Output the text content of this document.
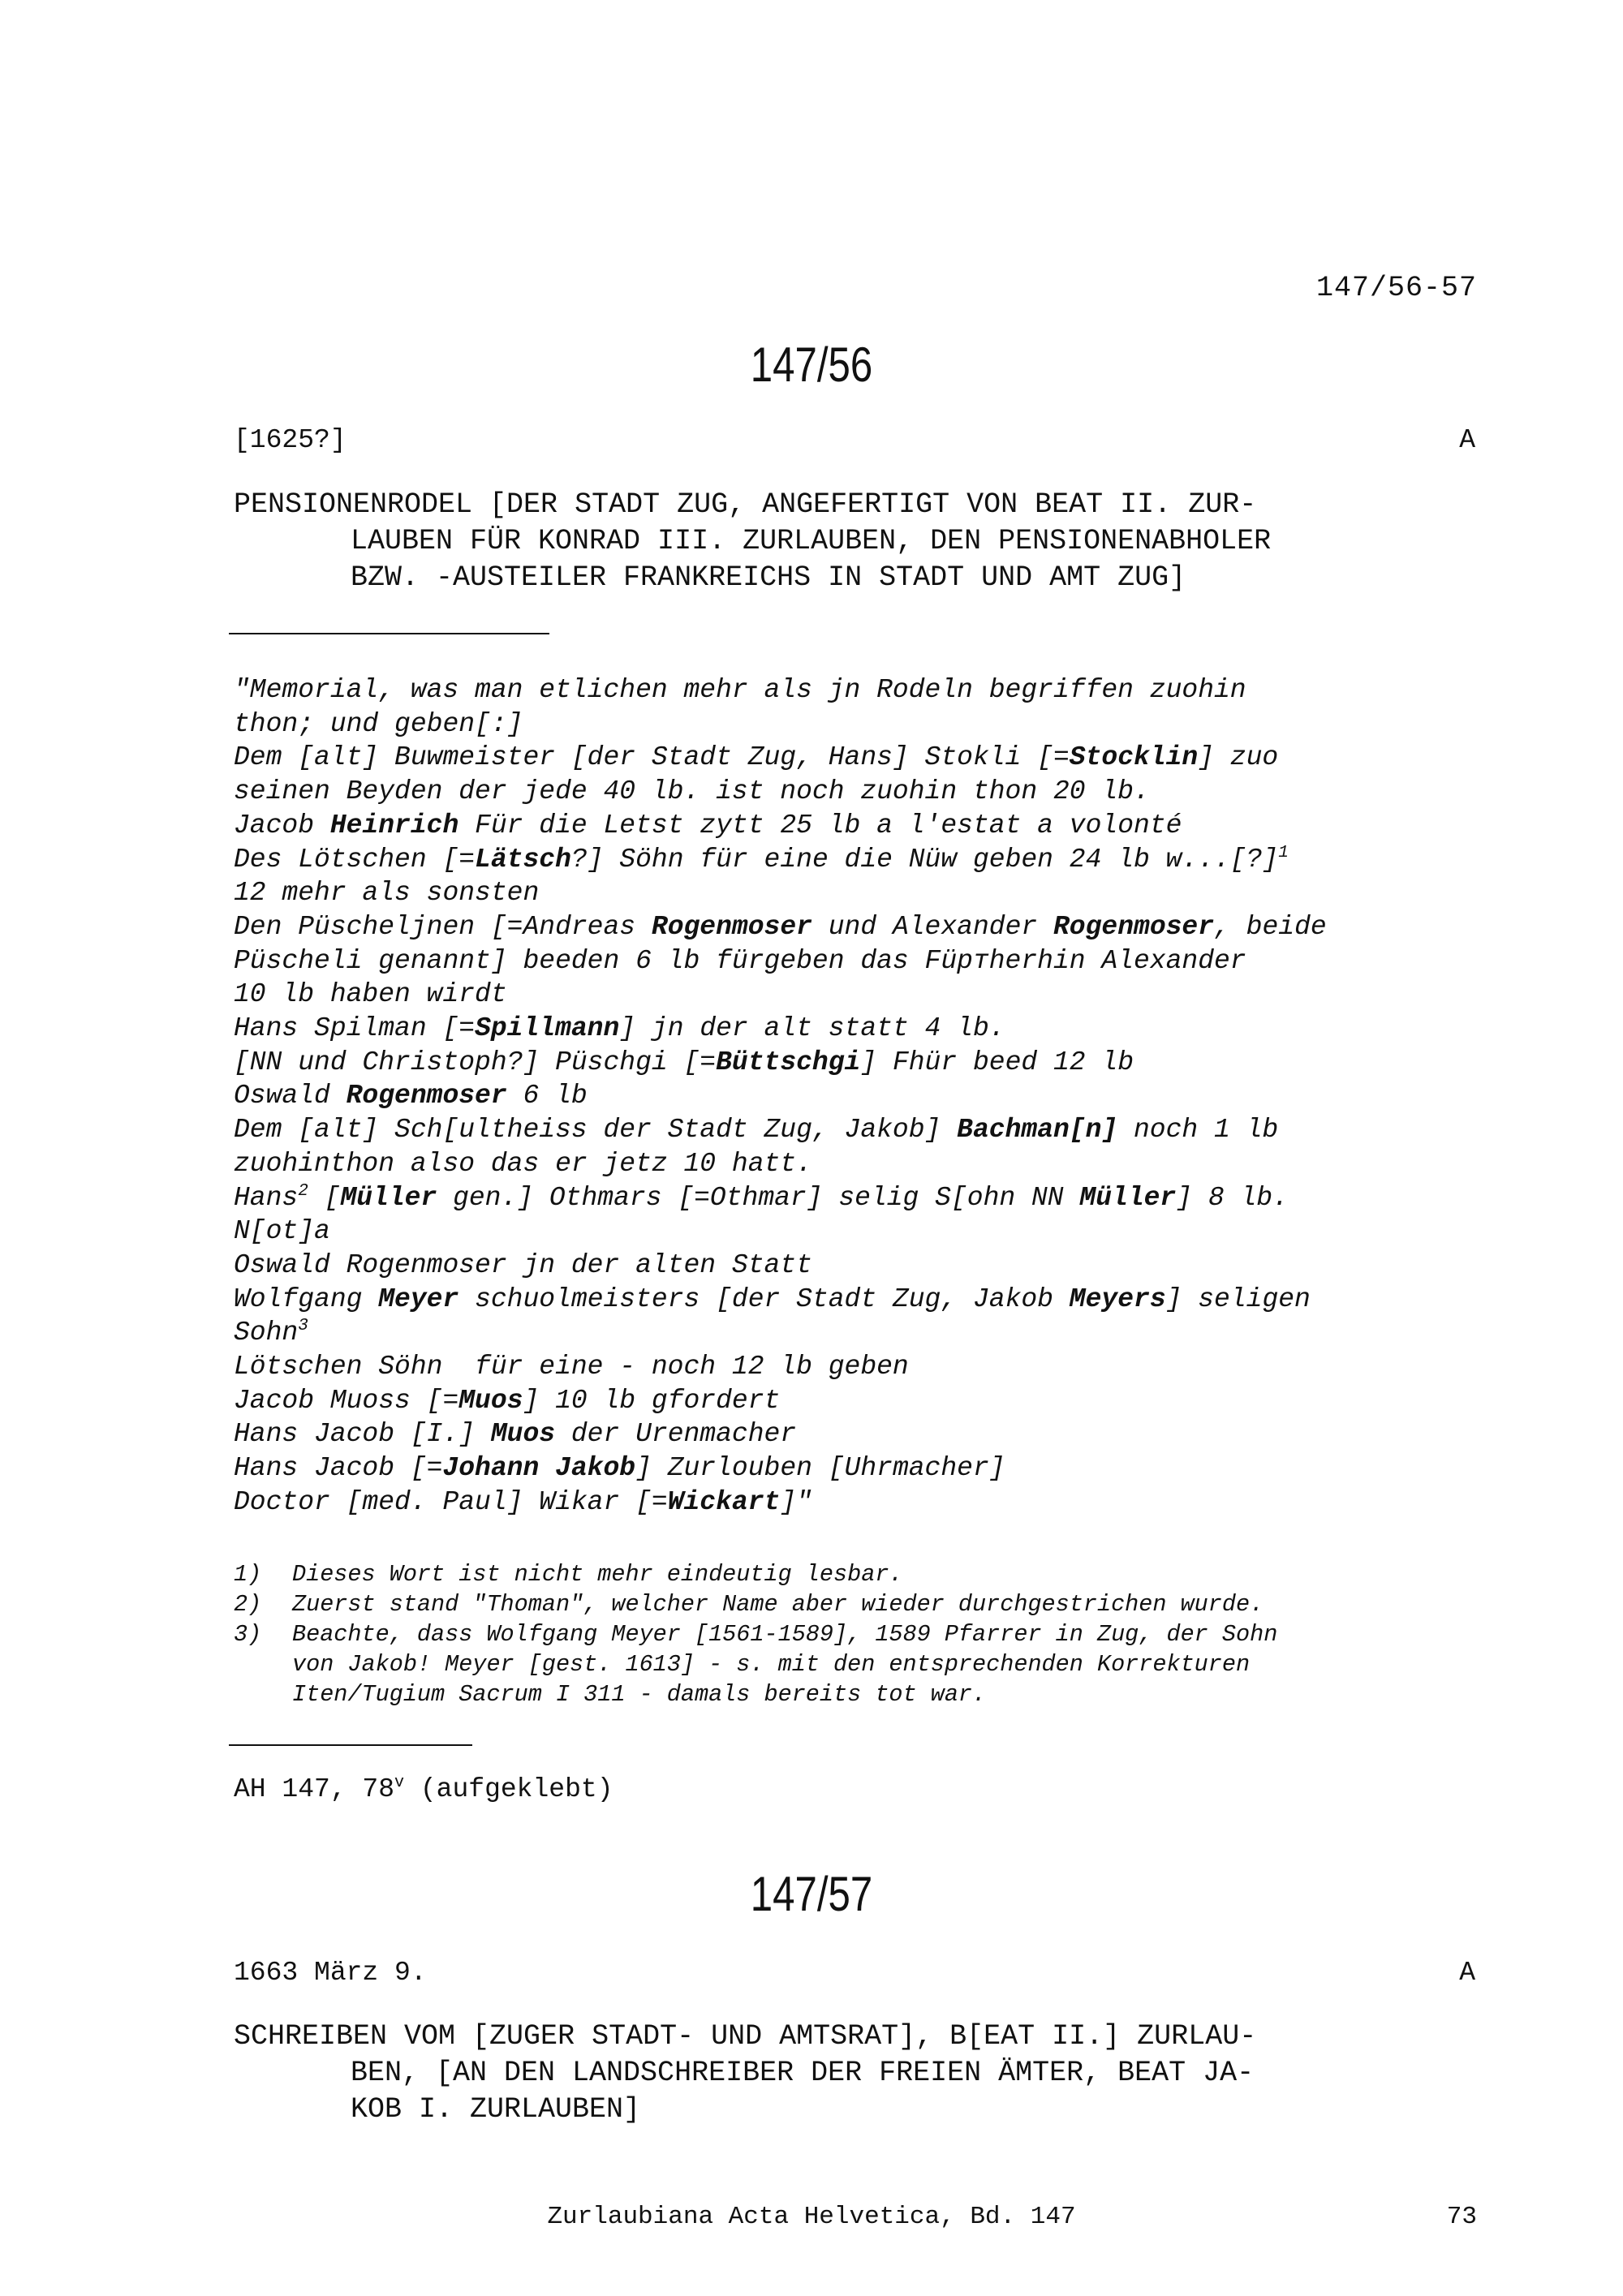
147/56-57
147/56
[1625?]	A
PENSIONENRODEL [DER STADT ZUG, ANGEFERTIGT VON BEAT II. ZUR-
LAUBEN FÜR KONRAD III. ZURLAUBEN, DEN PENSIONENABHOLER
BZW. -AUSTEILER FRANKREICHS IN STADT UND AMT ZUG]
"Memorial, was man etlichen mehr als jn Rodeln begriffen zuohin
thon; und geben[:]
Dem [alt] Buwmeister [der Stadt Zug, Hans] Stokli [=Stocklin] zuo
seinen Beyden der jede 40 lb. ist noch zuohin thon 20 lb.
Jacob Heinrich Für die Letst zytt 25 lb a l'estat a volonté
Des Lötschen [=Lätsch?] Söhn für eine die Nüw geben 24 lb w...[?]$^1$
12 mehr als sonsten
Den Püscheljnen [=Andreas Rogenmoser und Alexander Rogenmoser, beide
Püscheli genannt] beeden 6 lb fürgeben das Füртherhin Alexander
10 lb haben wirdt
Hans Spilman [=Spillmann] jn der alt statt 4 lb.
[NN und Christoph?] Püschgi [=Büttschgi] Fhür beed 12 lb
Oswald Rogenmoser 6 lb
Dem [alt] Sch[ultheiss der Stadt Zug, Jakob] Bachman[n] noch 1 lb
zuohinthon also das er jetz 10 hatt.
Hans$^2$ [Müller gen.] Othmars [=Othmar] selig S[ohn NN Müller] 8 lb.
N[ot]a
Oswald Rogenmoser jn der alten Statt
Wolfgang Meyer schuolmeisters [der Stadt Zug, Jakob Meyers] seligen
Sohn$^3$
Lötschen Söhn  für eine - noch 12 lb geben
Jacob Muoss [=Muos] 10 lb gfordert
Hans Jacob [I.] Muos der Urenmacher
Hans Jacob [=Johann Jakob] Zurlouben [Uhrmacher]
Doctor [med. Paul] Wikar [=Wickart]"
1)	Dieses Wort ist nicht mehr eindeutig lesbar.
2)	Zuerst stand "Thoman", welcher Name aber wieder durchgestrichen wurde.
3)	Beachte, dass Wolfgang Meyer [1561-1589], 1589 Pfarrer in Zug, der Sohn
von Jakob! Meyer [gest. 1613] - s. mit den entsprechenden Korrekturen
Iten/Tugium Sacrum I 311 - damals bereits tot war.
AH 147, 78$^v$ (aufgeklebt)
147/57
1663 März 9.	A
SCHREIBEN VOM [ZUGER STADT- UND AMTSRAT], B[EAT II.] ZURLAU-
BEN, [AN DEN LANDSCHREIBER DER FREIEN ÄMTER, BEAT JA-
KOB I. ZURLAUBEN]
Zurlaubiana Acta Helvetica, Bd. 147	73
